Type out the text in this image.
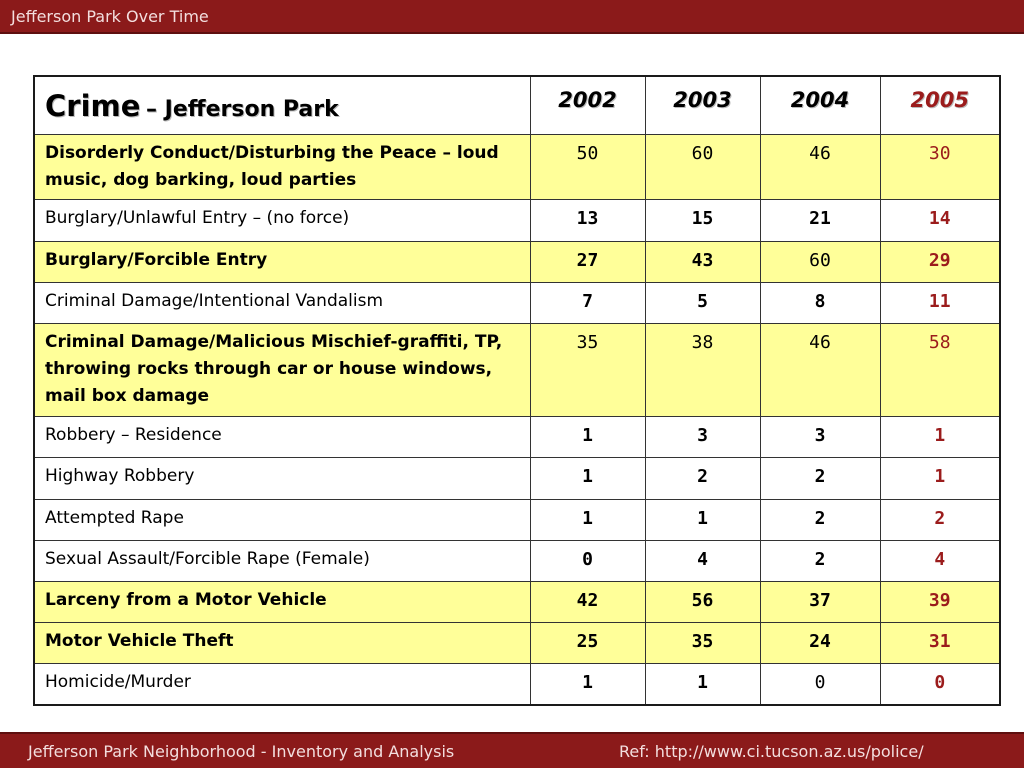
Jefferson Park Over Time
Crime – Jefferson Park	2002	2003	2004	2005
Disorderly Conduct/Disturbing the Peace – loud music, dog barking, loud parties	50	60	46	30
Burglary/Unlawful Entry – (no force)	13	15	21	14
Burglary/Forcible Entry	27	43	60	29
Criminal Damage/Intentional Vandalism	7	5	8	11
Criminal Damage/Malicious Mischief-graffiti, TP, throwing rocks through car or house windows, mail box damage	35	38	46	58
Robbery – Residence	1	3	3	1
Highway Robbery	1	2	2	1
Attempted Rape	1	1	2	2
Sexual Assault/Forcible Rape (Female)	0	4	2	4
Larceny from a Motor Vehicle	42	56	37	39
Motor Vehicle Theft	25	35	24	31
Homicide/Murder	1	1	0	0
Jefferson Park Neighborhood - Inventory and Analysis	Ref: http://www.ci.tucson.az.us/police/
